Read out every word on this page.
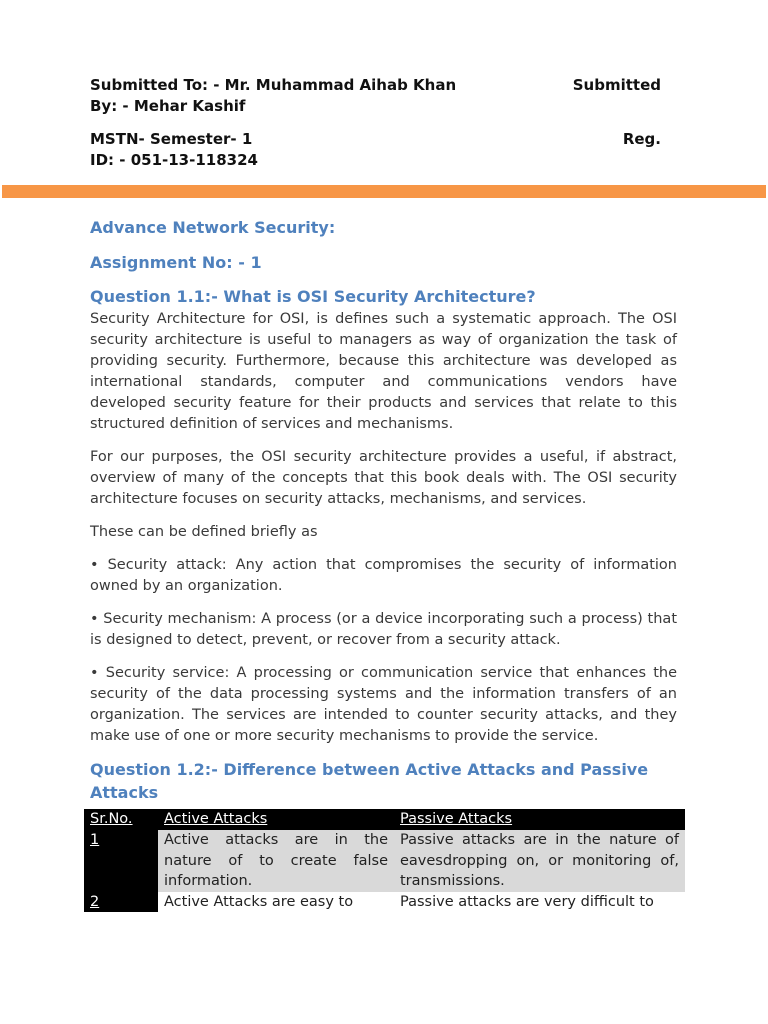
Submitted To: - Mr. Muhammad Aihab Khan	Submitted
By: - Mehar Kashif
MSTN- Semester- 1	Reg.
ID: - 051-13-118324
Advance Network Security:
Assignment No: - 1
Question 1.1:- What is OSI Security Architecture?

Security Architecture for OSI, is defines such a systematic approach. The OSI security architecture is useful to managers as way of organization the task of providing security. Furthermore, because this architecture was developed as international standards, computer and communications vendors have developed security feature for their products and services that relate to this structured definition of services and mechanisms.

For our purposes, the OSI security architecture provides a useful, if abstract, overview of many of the concepts that this book deals with. The OSI security architecture focuses on security attacks, mechanisms, and services.

These can be defined briefly as

• Security attack: Any action that compromises the security of information owned by an organization.

• Security mechanism: A process (or a device incorporating such a process) that is designed to detect, prevent, or recover from a security attack.

• Security service: A processing or communication service that enhances the security of the data processing systems and the information transfers of an organization. The services are intended to counter security attacks, and they make use of one or more security mechanisms to provide the service.

Question 1.2:- Difference between Active Attacks and Passive Attacks
Sr.No.	Active Attacks	Passive Attacks
1	Active attacks are in the nature of to create false information.	Passive attacks are in the nature of eavesdropping on, or monitoring of, transmissions.
2	Active Attacks are easy to	Passive attacks are very difficult to
